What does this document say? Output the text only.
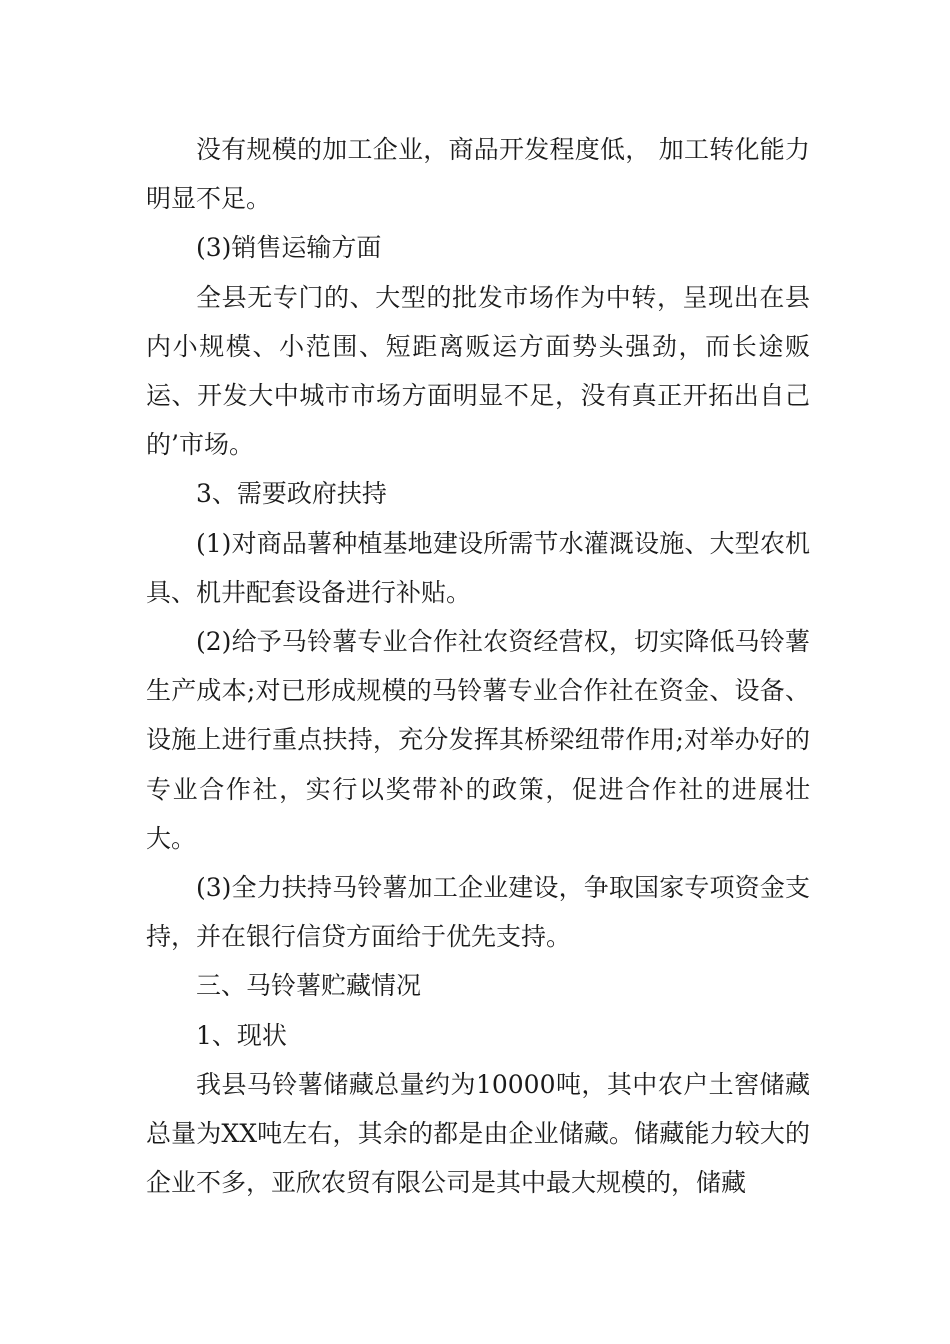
没有规模的加工企业，商品开发程度低， 加工转化能力明显不足。

(3)销售运输方面

全县无专门的、大型的批发市场作为中转，呈现出在县内小规模、小范围、短距离贩运方面势头强劲，而长途贩运、开发大中城市市场方面明显不足，没有真正开拓出自己的’市场。

3、需要政府扶持

(1)对商品薯种植基地建设所需节水灌溉设施、大型农机具、机井配套设备进行补贴。

(2)给予马铃薯专业合作社农资经营权，切实降低马铃薯生产成本;对已形成规模的马铃薯专业合作社在资金、设备、设施上进行重点扶持，充分发挥其桥梁纽带作用;对举办好的专业合作社，实行以奖带补的政策，促进合作社的进展壮大。

(3)全力扶持马铃薯加工企业建设，争取国家专项资金支持，并在银行信贷方面给于优先支持。

三、马铃薯贮藏情况

1、现状

我县马铃薯储藏总量约为10000吨，其中农户土窖储藏总量为XX吨左右，其余的都是由企业储藏。储藏能力较大的企业不多，亚欣农贸有限公司是其中最大规模的，储藏
